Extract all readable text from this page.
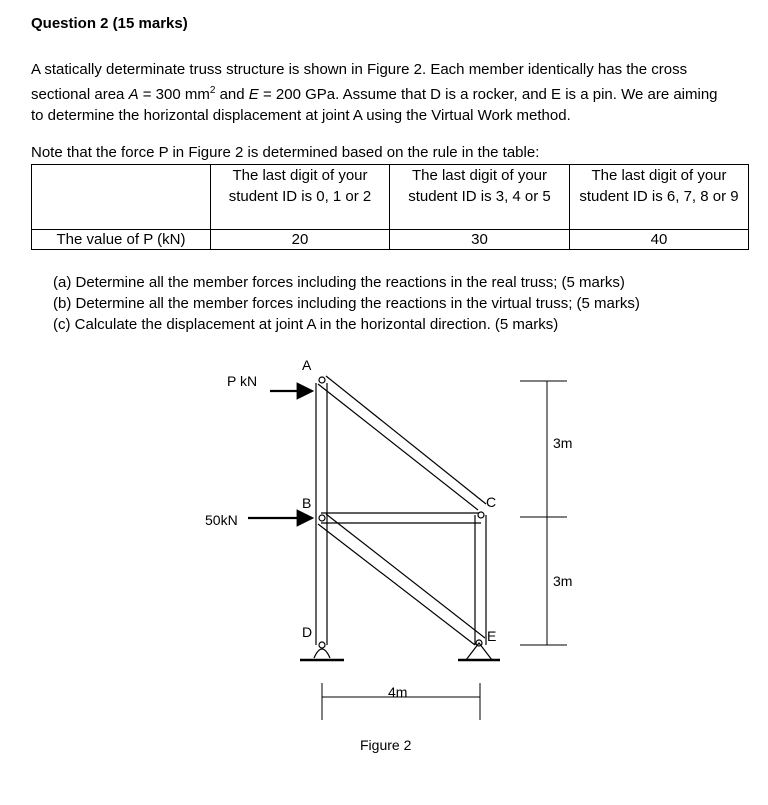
Question 2 (15 marks)
A statically determinate truss structure is shown in Figure 2. Each member identically has the cross
sectional area A = 300 $mm^2$ and E = 200 GPa. Assume that D is a rocker, and E is a pin. We are aiming
to determine the horizontal displacement at joint A using the Virtual Work method.
Note that the force P in Figure 2 is determined based on the rule in the table:
	The last digit of your student ID is 0, 1 or 2	The last digit of your student ID is 3, 4 or 5	The last digit of your student ID is 6, 7, 8 or 9
The value of P (kN)	20	30	40
(a) Determine all the member forces including the reactions in the real truss; (5 marks)
(b) Determine all the member forces including the reactions in the virtual truss; (5 marks)
(c) Calculate the displacement at joint A in the horizontal direction. (5 marks)
A
B	C
D	E
P kN
50kN
3m
3m
4m
Figure 2
